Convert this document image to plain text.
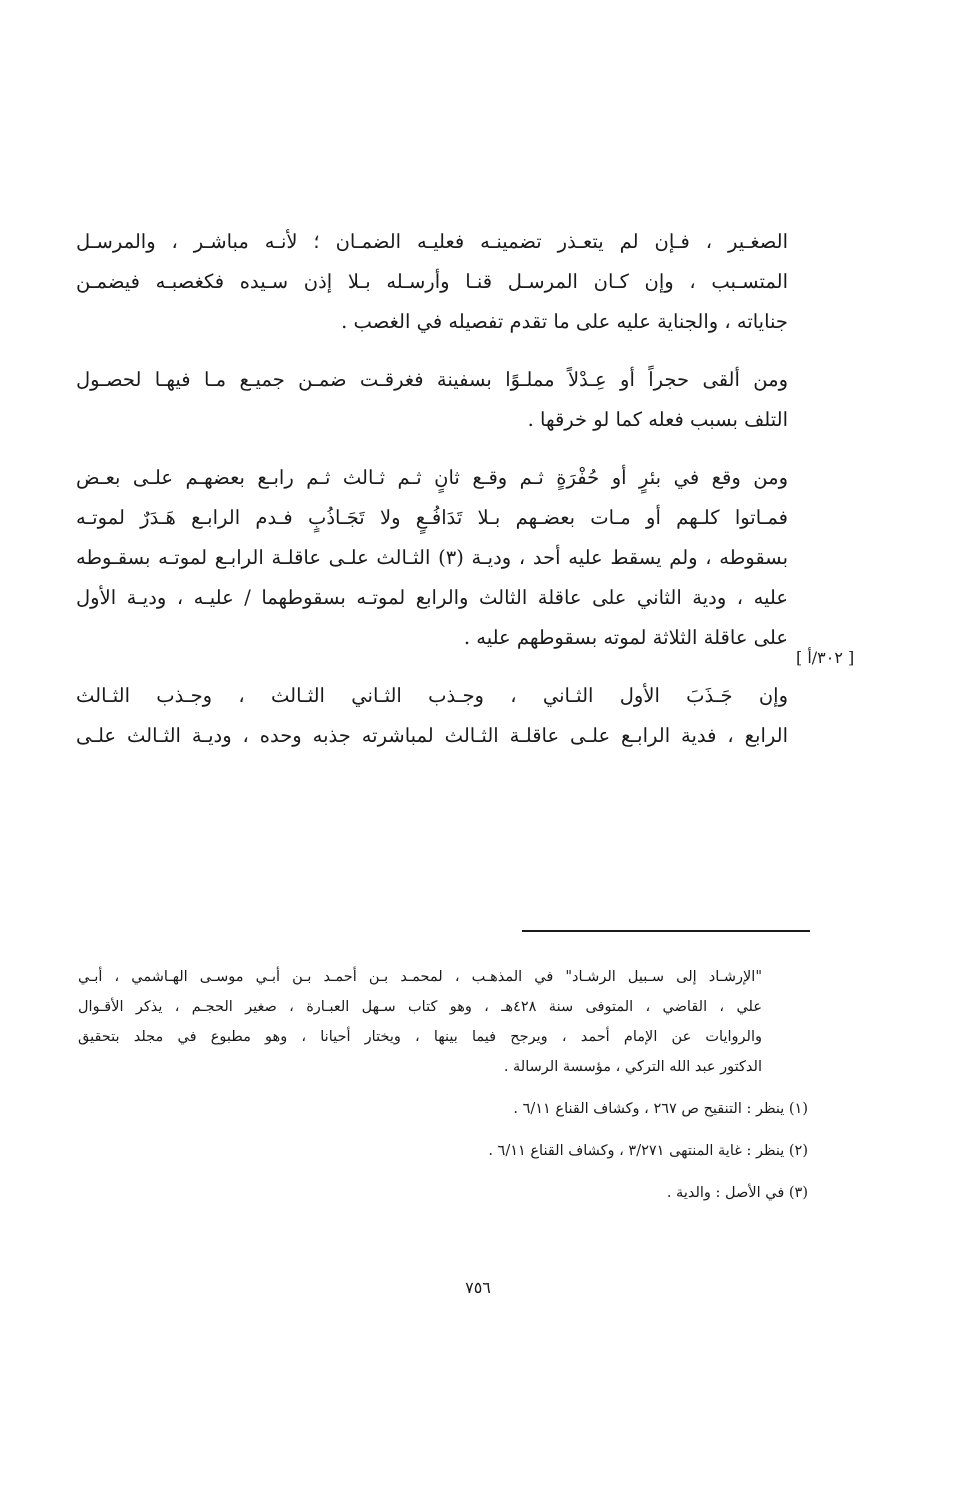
الصغـير ، فـإن لم يتعـذر تضمينـه فعليـه الضمـان ؛ لأنـه مباشـر ، والمرسـل
المتسـبب ، وإن كـان المرسـل قنـا وأرسـله بـلا إذن سـيده فكغصبـه فيضمـن
جناياته ، والجناية عليه على ما تقدم تفصيله في الغصب .
ومن ألقى حجراً أو عِـدْلاً مملـوًا بسفينة فغرقـت ضمـن جميـع مـا فيهـا لحصـول
التلف بسبب فعله كما لو خرقها .
ومن وقع في بئرٍ أو حُفْرَةٍ ثـم وقـع ثانٍ ثـم ثـالث ثـم رابـع بعضهـم علـى بعـض
فمـاتوا كلـهم أو مـات بعضـهم بـلا تَدَافُـعٍ ولا تَجَـاذُبٍ فـدم الرابـع هَـدَرٌ لموتـه
بسقوطه ، ولم يسقط عليه أحد ، وديـة (٣) الثـالث علـى عاقلـة الرابـع لموتـه بسقـوطه
عليه ، ودية الثاني على عاقلة الثالث والرابع لموتـه بسقوطهما / عليـه ، وديـة الأول
على عاقلة الثلاثة لموته بسقوطهم عليه .
وإن جَـذَبَ الأول الثـاني ، وجـذب الثـاني الثـالث ، وجـذب الثـالث
الرابع ، فدية الرابـع علـى عاقلـة الثـالث لمباشرته جذبه وحده ، وديـة الثـالث علـى
[ ٣٠٢/أ ]
"الإرشـاد إلى سـبيل الرشـاد" في المذهـب ، لمحمـد بـن أحمـد بـن أبـي موسـى الهـاشمي ، أبـي
علي ، القاضي ، المتوفى سنة ٤٢٨هـ ، وهو كتاب سـهل العبـارة ، صغير الحجـم ، يذكر الأقـوال
والروايات عن الإمام أحمد ، ويرجح فيما بينها ، ويختار أحيانا ، وهو مطبوع في مجلد بتحقيق
الدكتور عبد الله التركي ، مؤسسة الرسالة .
(١) ينظر : التنقيح ص ٢٦٧ ، وكشاف القناع ٦/١١ .
(٢) ينظر : غاية المنتهى ٣/٢٧١ ، وكشاف القناع ٦/١١ .
(٣) في الأصل : والدية .
٧٥٦
